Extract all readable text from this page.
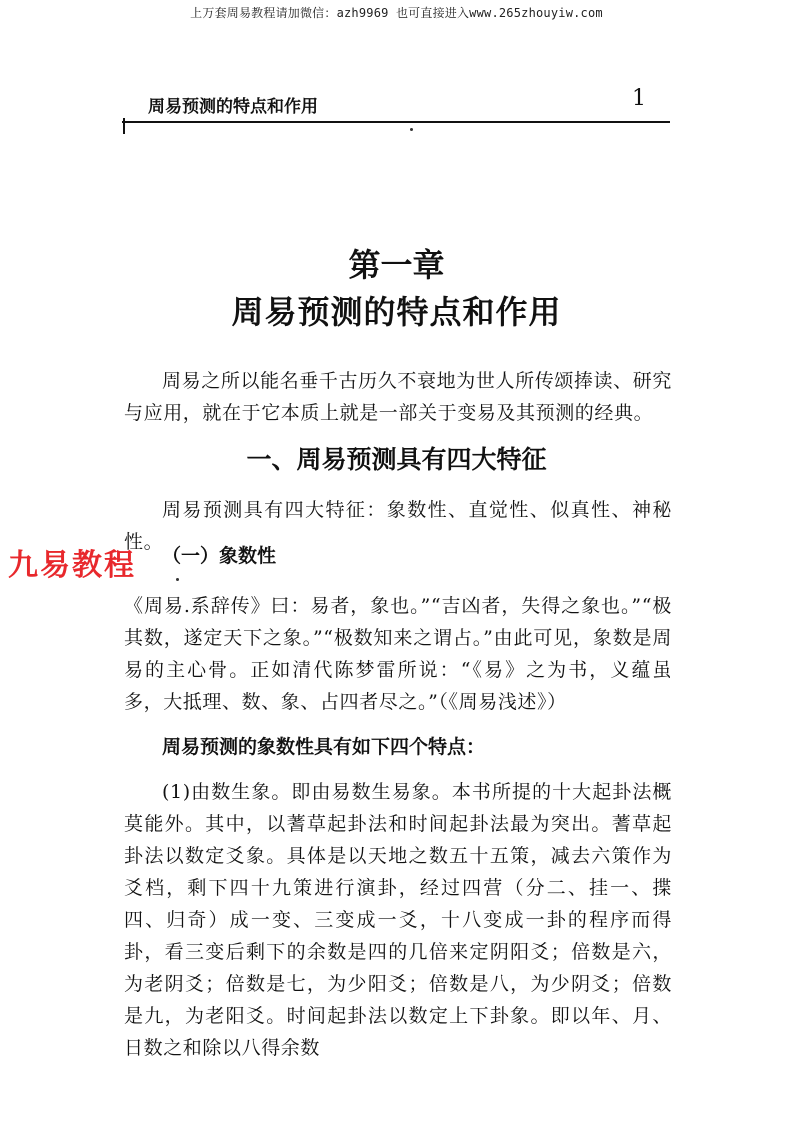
上万套周易教程请加微信：azh9969 也可直接进入www.265zhouyiw.com
周易预测的特点和作用	1
第一章
周易预测的特点和作用

周易之所以能名垂千古历久不衰地为世人所传颂捧读、研究与应用，就在于它本质上就是一部关于变易及其预测的经典。

一、周易预测具有四大特征

周易预测具有四大特征：象数性、直觉性、似真性、神秘性。

九易教程 （一）象数性

《周易.系辞传》曰：易者，象也。”“吉凶者，失得之象也。”“极其数，遂定天下之象。”“极数知来之谓占。”由此可见，象数是周易的主心骨。正如清代陈梦雷所说：“《易》之为书，义蕴虽多，大抵理、数、象、占四者尽之。”（《周易浅述》）

周易预测的象数性具有如下四个特点：

(1)由数生象。即由易数生易象。本书所提的十大起卦法概莫能外。其中，以蓍草起卦法和时间起卦法最为突出。蓍草起卦法以数定爻象。具体是以天地之数五十五策，减去六策作为爻档，剩下四十九策进行演卦，经过四营（分二、挂一、揲四、归奇）成一变、三变成一爻，十八变成一卦的程序而得卦，看三变后剩下的余数是四的几倍来定阴阳爻；倍数是六，为老阴爻；倍数是七，为少阳爻；倍数是八，为少阴爻；倍数是九，为老阳爻。时间起卦法以数定上下卦象。即以年、月、日数之和除以八得余数
